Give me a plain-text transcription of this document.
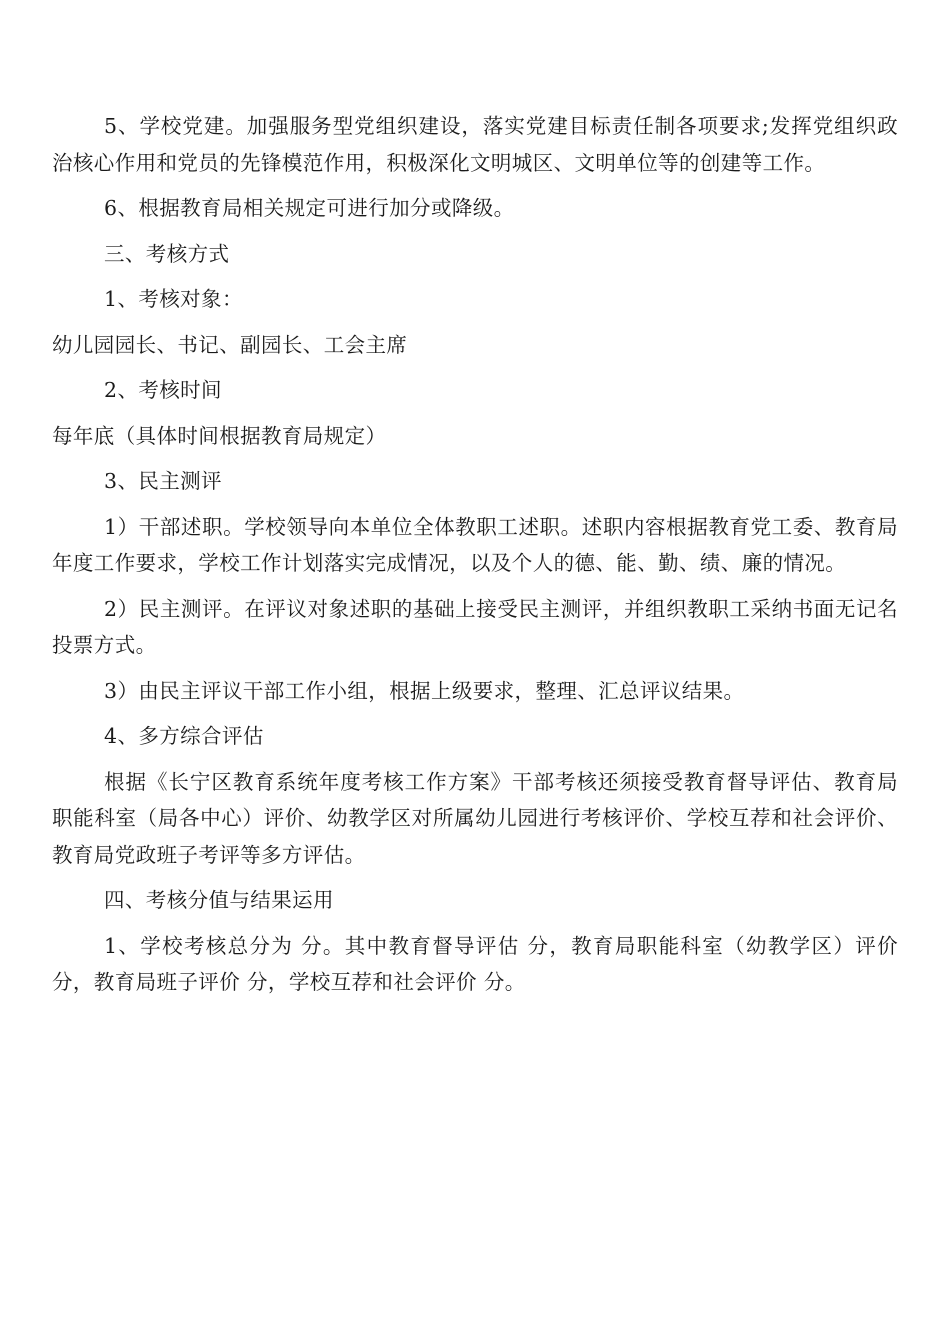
5、学校党建。加强服务型党组织建设，落实党建目标责任制各项要求;发挥党组织政治核心作用和党员的先锋模范作用，积极深化文明城区、文明单位等的创建等工作。

6、根据教育局相关规定可进行加分或降级。

三、考核方式

1、考核对象：

幼儿园园长、书记、副园长、工会主席

2、考核时间

每年底（具体时间根据教育局规定）

3、民主测评

1）干部述职。学校领导向本单位全体教职工述职。述职内容根据教育党工委、教育局年度工作要求，学校工作计划落实完成情况，以及个人的德、能、勤、绩、廉的情况。

2）民主测评。在评议对象述职的基础上接受民主测评，并组织教职工采纳书面无记名投票方式。

3）由民主评议干部工作小组，根据上级要求，整理、汇总评议结果。

4、多方综合评估

根据《长宁区教育系统年度考核工作方案》干部考核还须接受教育督导评估、教育局职能科室（局各中心）评价、幼教学区对所属幼儿园进行考核评价、学校互荐和社会评价、教育局党政班子考评等多方评估。

四、考核分值与结果运用

1、学校考核总分为 分。其中教育督导评估 分，教育局职能科室（幼教学区）评价 分，教育局班子评价 分，学校互荐和社会评价 分。
